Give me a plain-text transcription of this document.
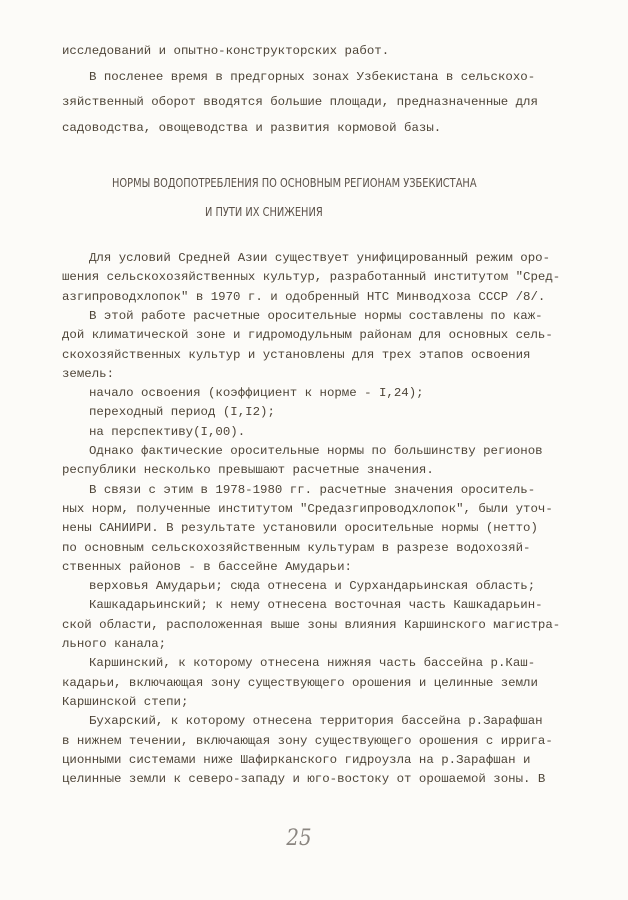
исследований и опытно-конструкторских работ.
В посленее время в предгорных зонах Узбекистана в сельскохо-
зяйственный оборот вводятся большие площади, предназначенные для
садоводства, овощеводства и развития кормовой базы.
НОРМЫ ВОДОПОТРЕБЛЕНИЯ ПО ОСНОВНЫМ РЕГИОНАМ УЗБЕКИСТАНА
И ПУТИ ИХ СНИЖЕНИЯ
Для условий Средней Азии существует унифицированный режим оро-
шения сельскохозяйственных культур, разработанный институтом "Сред-
азгипроводхлопок" в 1970 г. и одобренный НТС Минводхоза СССР /8/.
В этой работе расчетные оросительные нормы составлены по каж-
дой климатической зоне и гидромодульным районам для основных сель-
скохозяйственных культур и установлены для трех этапов освоения
земель:
начало освоения (коэффициент к норме - I,24);
переходный период (I,I2);
на перспективу(I,00).
Однако фактические оросительные нормы по большинству регионов
республики несколько превышают расчетные значения.
В связи с этим в 1978-1980 гг. расчетные значения ороситель-
ных норм, полученные институтом "Средазгипроводхлопок", были уточ-
нены САНИИРИ. В результате установили оросительные нормы (нетто)
по основным сельскохозяйственным культурам в разрезе водохозяй-
ственных районов - в бассейне Амударьи:
верховья Амударьи; сюда отнесена и Сурхандарьинская область;
Кашкадарьинский; к нему отнесена восточная часть Кашкадарьин-
ской области, расположенная выше зоны влияния Каршинского магистра-
льного канала;
Каршинский, к которому отнесена нижняя часть бассейна р.Каш-
кадарьи, включающая зону существующего орошения и целинные земли
Каршинской степи;
Бухарский, к которому отнесена территория бассейна р.Зарафшан
в нижнем течении, включающая зону существующего орошения с ирригa-
ционными системами ниже Шафирканского гидроузла на р.Зарафшан и
целинные земли к северо-западу и юго-востоку от орошаемой зоны. В
25
